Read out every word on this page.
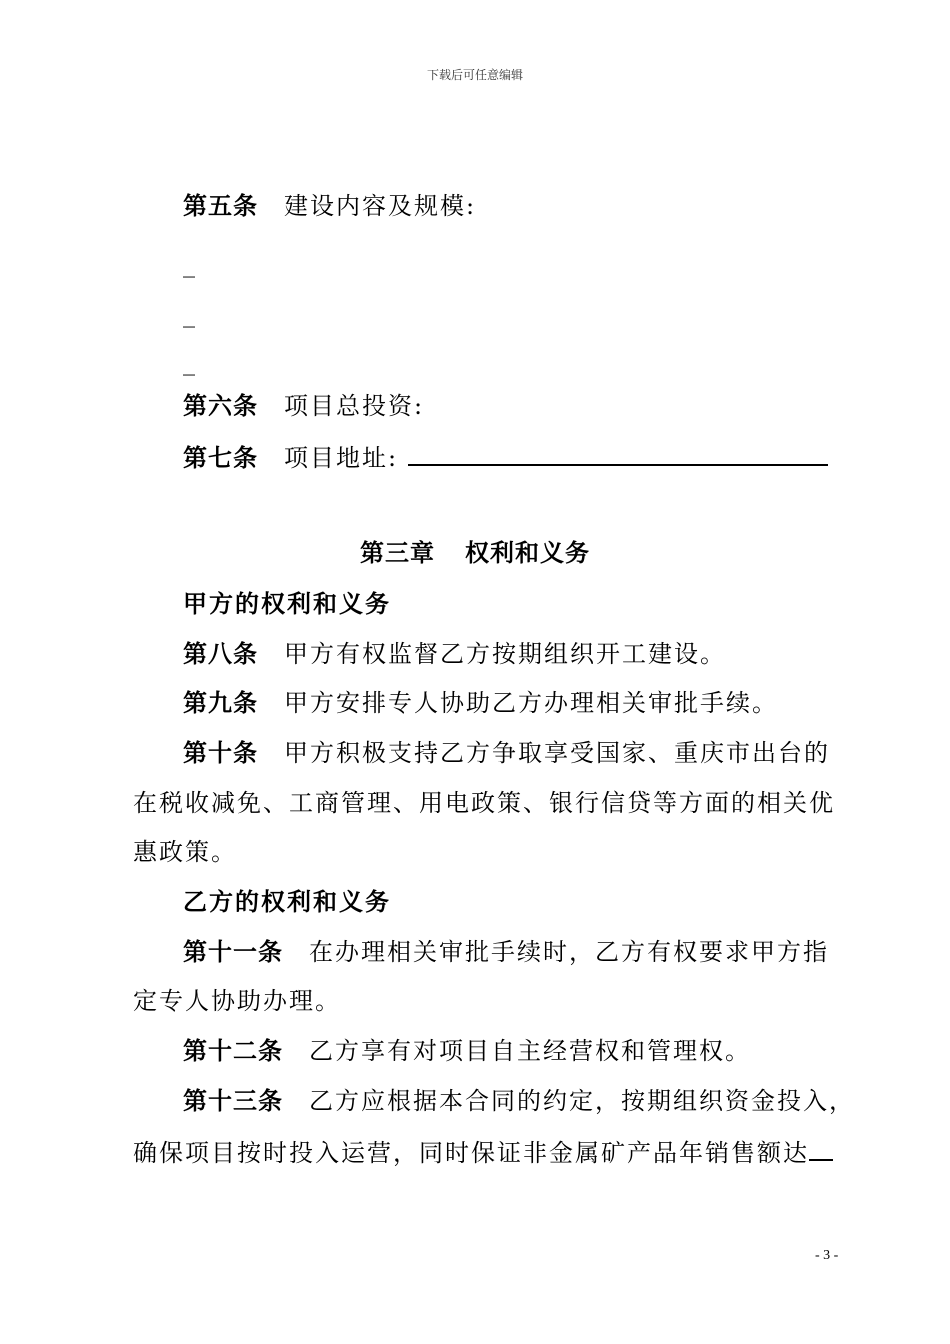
下载后可任意编辑
第五条 建设内容及规模:
_
_
_
第六条 项目总投资:
第七条 项目地址:
第三章 权利和义务
甲方的权利和义务
第八条 甲方有权监督乙方按期组织开工建设。
第九条 甲方安排专人协助乙方办理相关审批手续。
第十条 甲方积极支持乙方争取享受国家、重庆市出台的
在税收减免、工商管理、用电政策、银行信贷等方面的相关优
惠政策。
乙方的权利和义务
第十一条 在办理相关审批手续时，乙方有权要求甲方指
定专人协助办理。
第十二条 乙方享有对项目自主经营权和管理权。
第十三条 乙方应根据本合同的约定，按期组织资金投入，
确保项目按时投入运营，同时保证非金属矿产品年销售额达
- 3 -
